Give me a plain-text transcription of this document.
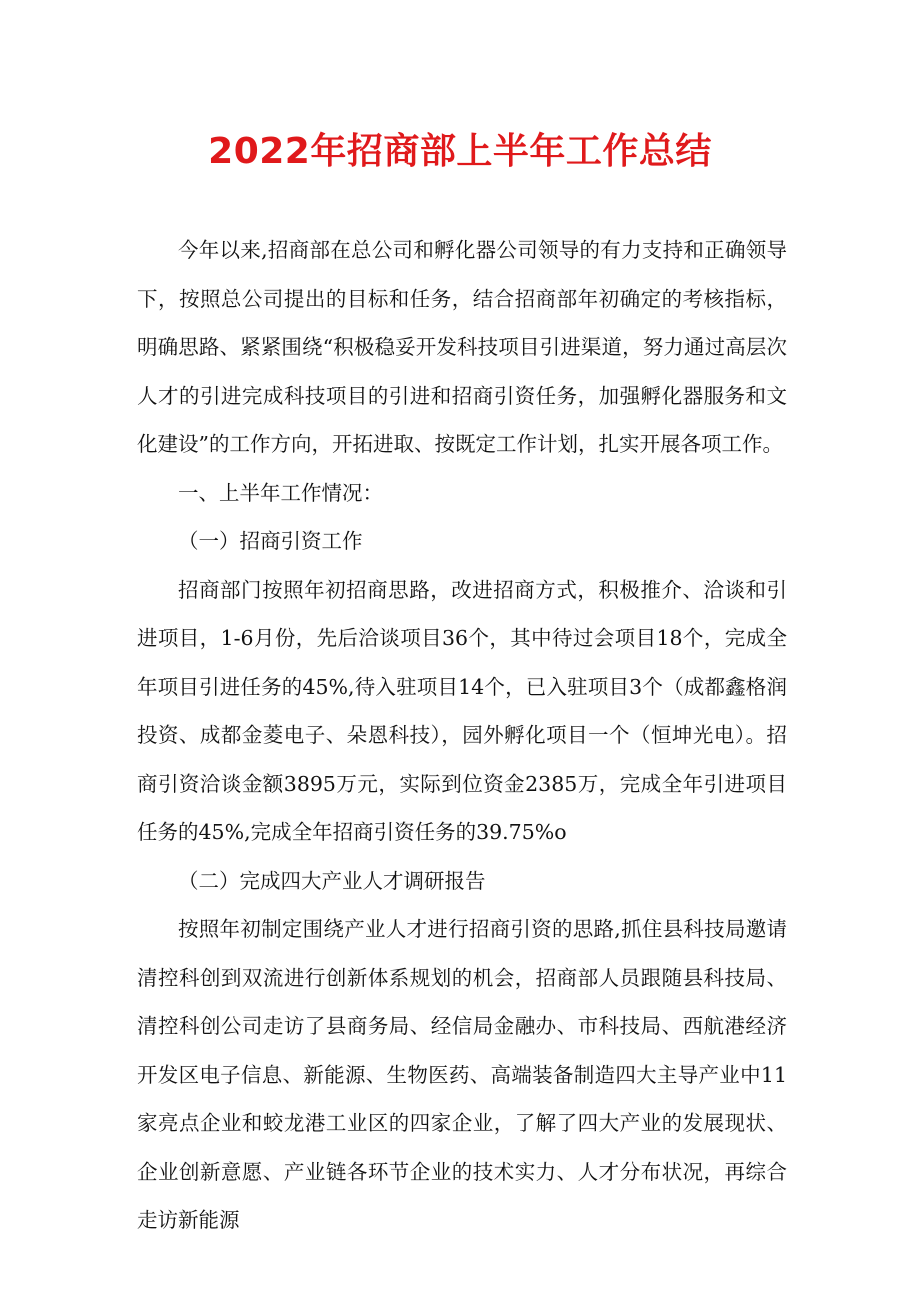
2022年招商部上半年工作总结

今年以来,招商部在总公司和孵化器公司领导的有力支持和正确领导下，按照总公司提出的目标和任务，结合招商部年初确定的考核指标，明确思路、紧紧围绕“积极稳妥开发科技项目引进渠道，努力通过高层次人才的引进完成科技项目的引进和招商引资任务，加强孵化器服务和文化建设”的工作方向，开拓进取、按既定工作计划，扎实开展各项工作。

一、上半年工作情况：

（一）招商引资工作

招商部门按照年初招商思路，改进招商方式，积极推介、洽谈和引进项目，1-6月份，先后洽谈项目36个，其中待过会项目18个，完成全年项目引进任务的45%,待入驻项目14个，已入驻项目3个（成都鑫格润投资、成都金菱电子、朵恩科技），园外孵化项目一个（恒坤光电）。招商引资洽谈金额3895万元，实际到位资金2385万，完成全年引进项目任务的45%,完成全年招商引资任务的39.75%o

（二）完成四大产业人才调研报告

按照年初制定围绕产业人才进行招商引资的思路,抓住县科技局邀请清控科创到双流进行创新体系规划的机会，招商部人员跟随县科技局、清控科创公司走访了县商务局、经信局金融办、市科技局、西航港经济开发区电子信息、新能源、生物医药、高端装备制造四大主导产业中11家亮点企业和蛟龙港工业区的四家企业，了解了四大产业的发展现状、企业创新意愿、产业链各环节企业的技术实力、人才分布状况，再综合走访新能源
